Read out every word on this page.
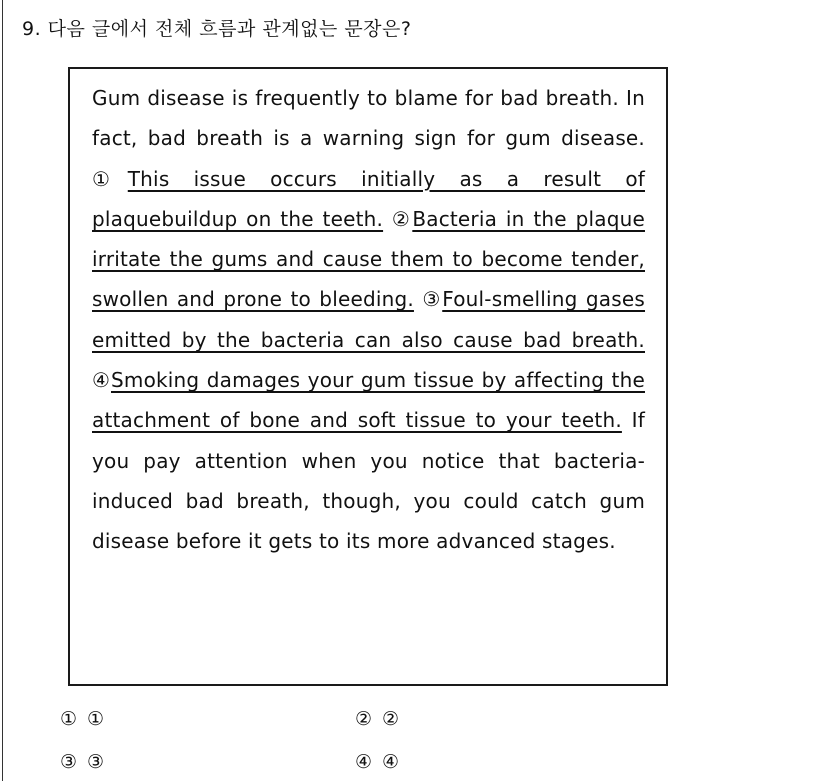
9. 다음 글에서 전체 흐름과 관계없는 문장은?
Gum disease is frequently to blame for bad breath. In fact, bad breath is a warning sign for gum disease. ①This issue occurs initially as a result of plaquebuildup on the teeth. ②Bacteria in the plaque irritate the gums and cause them to become tender, swollen and prone to bleeding. ③Foul-smelling gases emitted by the bacteria can also cause bad breath. ④Smoking damages your gum tissue by affecting the attachment of bone and soft tissue to your teeth. If you pay attention when you notice that bacteria-induced bad breath, though, you could catch gum disease before it gets to its more advanced stages.
① ①	② ②
③ ③	④ ④
